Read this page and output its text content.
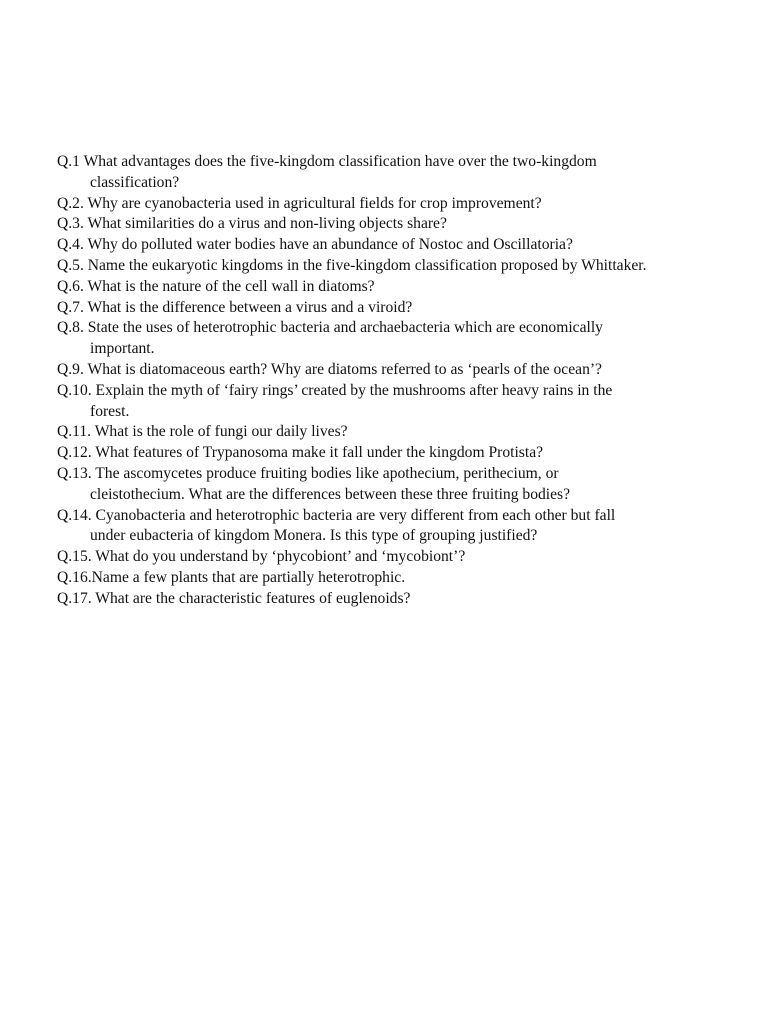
Q.1 What advantages does the five-kingdom classification have over the two-kingdom
classification?
Q.2. Why are cyanobacteria used in agricultural fields for crop improvement?
Q.3. What similarities do a virus and non-living objects share?
Q.4. Why do polluted water bodies have an abundance of Nostoc and Oscillatoria?
Q.5. Name the eukaryotic kingdoms in the five-kingdom classification proposed by Whittaker.
Q.6. What is the nature of the cell wall in diatoms?
Q.7. What is the difference between a virus and a viroid?
Q.8. State the uses of heterotrophic bacteria and archaebacteria which are economically
important.
Q.9. What is diatomaceous earth? Why are diatoms referred to as ‘pearls of the ocean’?
Q.10. Explain the myth of ‘fairy rings’ created by the mushrooms after heavy rains in the
forest.
Q.11. What is the role of fungi our daily lives?
Q.12. What features of Trypanosoma make it fall under the kingdom Protista?
Q.13. The ascomycetes produce fruiting bodies like apothecium, perithecium, or
cleistothecium. What are the differences between these three fruiting bodies?
Q.14. Cyanobacteria and heterotrophic bacteria are very different from each other but fall
under eubacteria of kingdom Monera. Is this type of grouping justified?
Q.15. What do you understand by ‘phycobiont’ and ‘mycobiont’?
Q.16.Name a few plants that are partially heterotrophic.
Q.17. What are the characteristic features of euglenoids?
